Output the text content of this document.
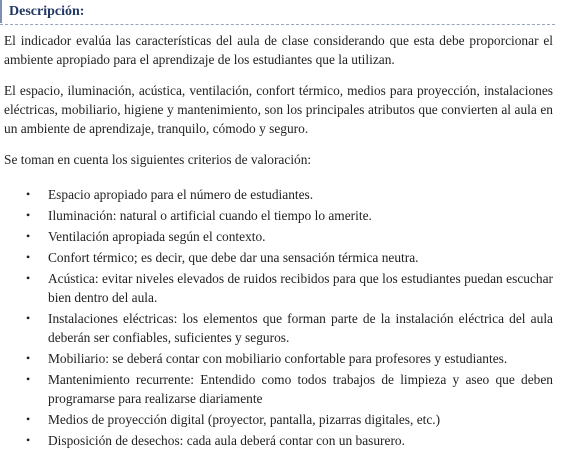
Descripción:

El indicador evalúa las características del aula de clase considerando que esta debe proporcionar el ambiente apropiado para el aprendizaje de los estudiantes que la utilizan.

El espacio, iluminación, acústica, ventilación, confort térmico, medios para proyección, instalaciones eléctricas, mobiliario, higiene y mantenimiento, son los principales atributos que convierten al aula en un ambiente de aprendizaje, tranquilo, cómodo y seguro.

Se toman en cuenta los siguientes criterios de valoración:

• Espacio apropiado para el número de estudiantes.
• Iluminación: natural o artificial cuando el tiempo lo amerite.
• Ventilación apropiada según el contexto.
• Confort térmico; es decir, que debe dar una sensación térmica neutra.
• Acústica: evitar niveles elevados de ruidos recibidos para que los estudiantes puedan escuchar bien dentro del aula.
• Instalaciones eléctricas: los elementos que forman parte de la instalación eléctrica del aula deberán ser confiables, suficientes y seguros.
• Mobiliario: se deberá contar con mobiliario confortable para profesores y estudiantes.
• Mantenimiento recurrente: Entendido como todos trabajos de limpieza y aseo que deben programarse para realizarse diariamente
• Medios de proyección digital (proyector, pantalla, pizarras digitales, etc.)
• Disposición de desechos: cada aula deberá contar con un basurero.
